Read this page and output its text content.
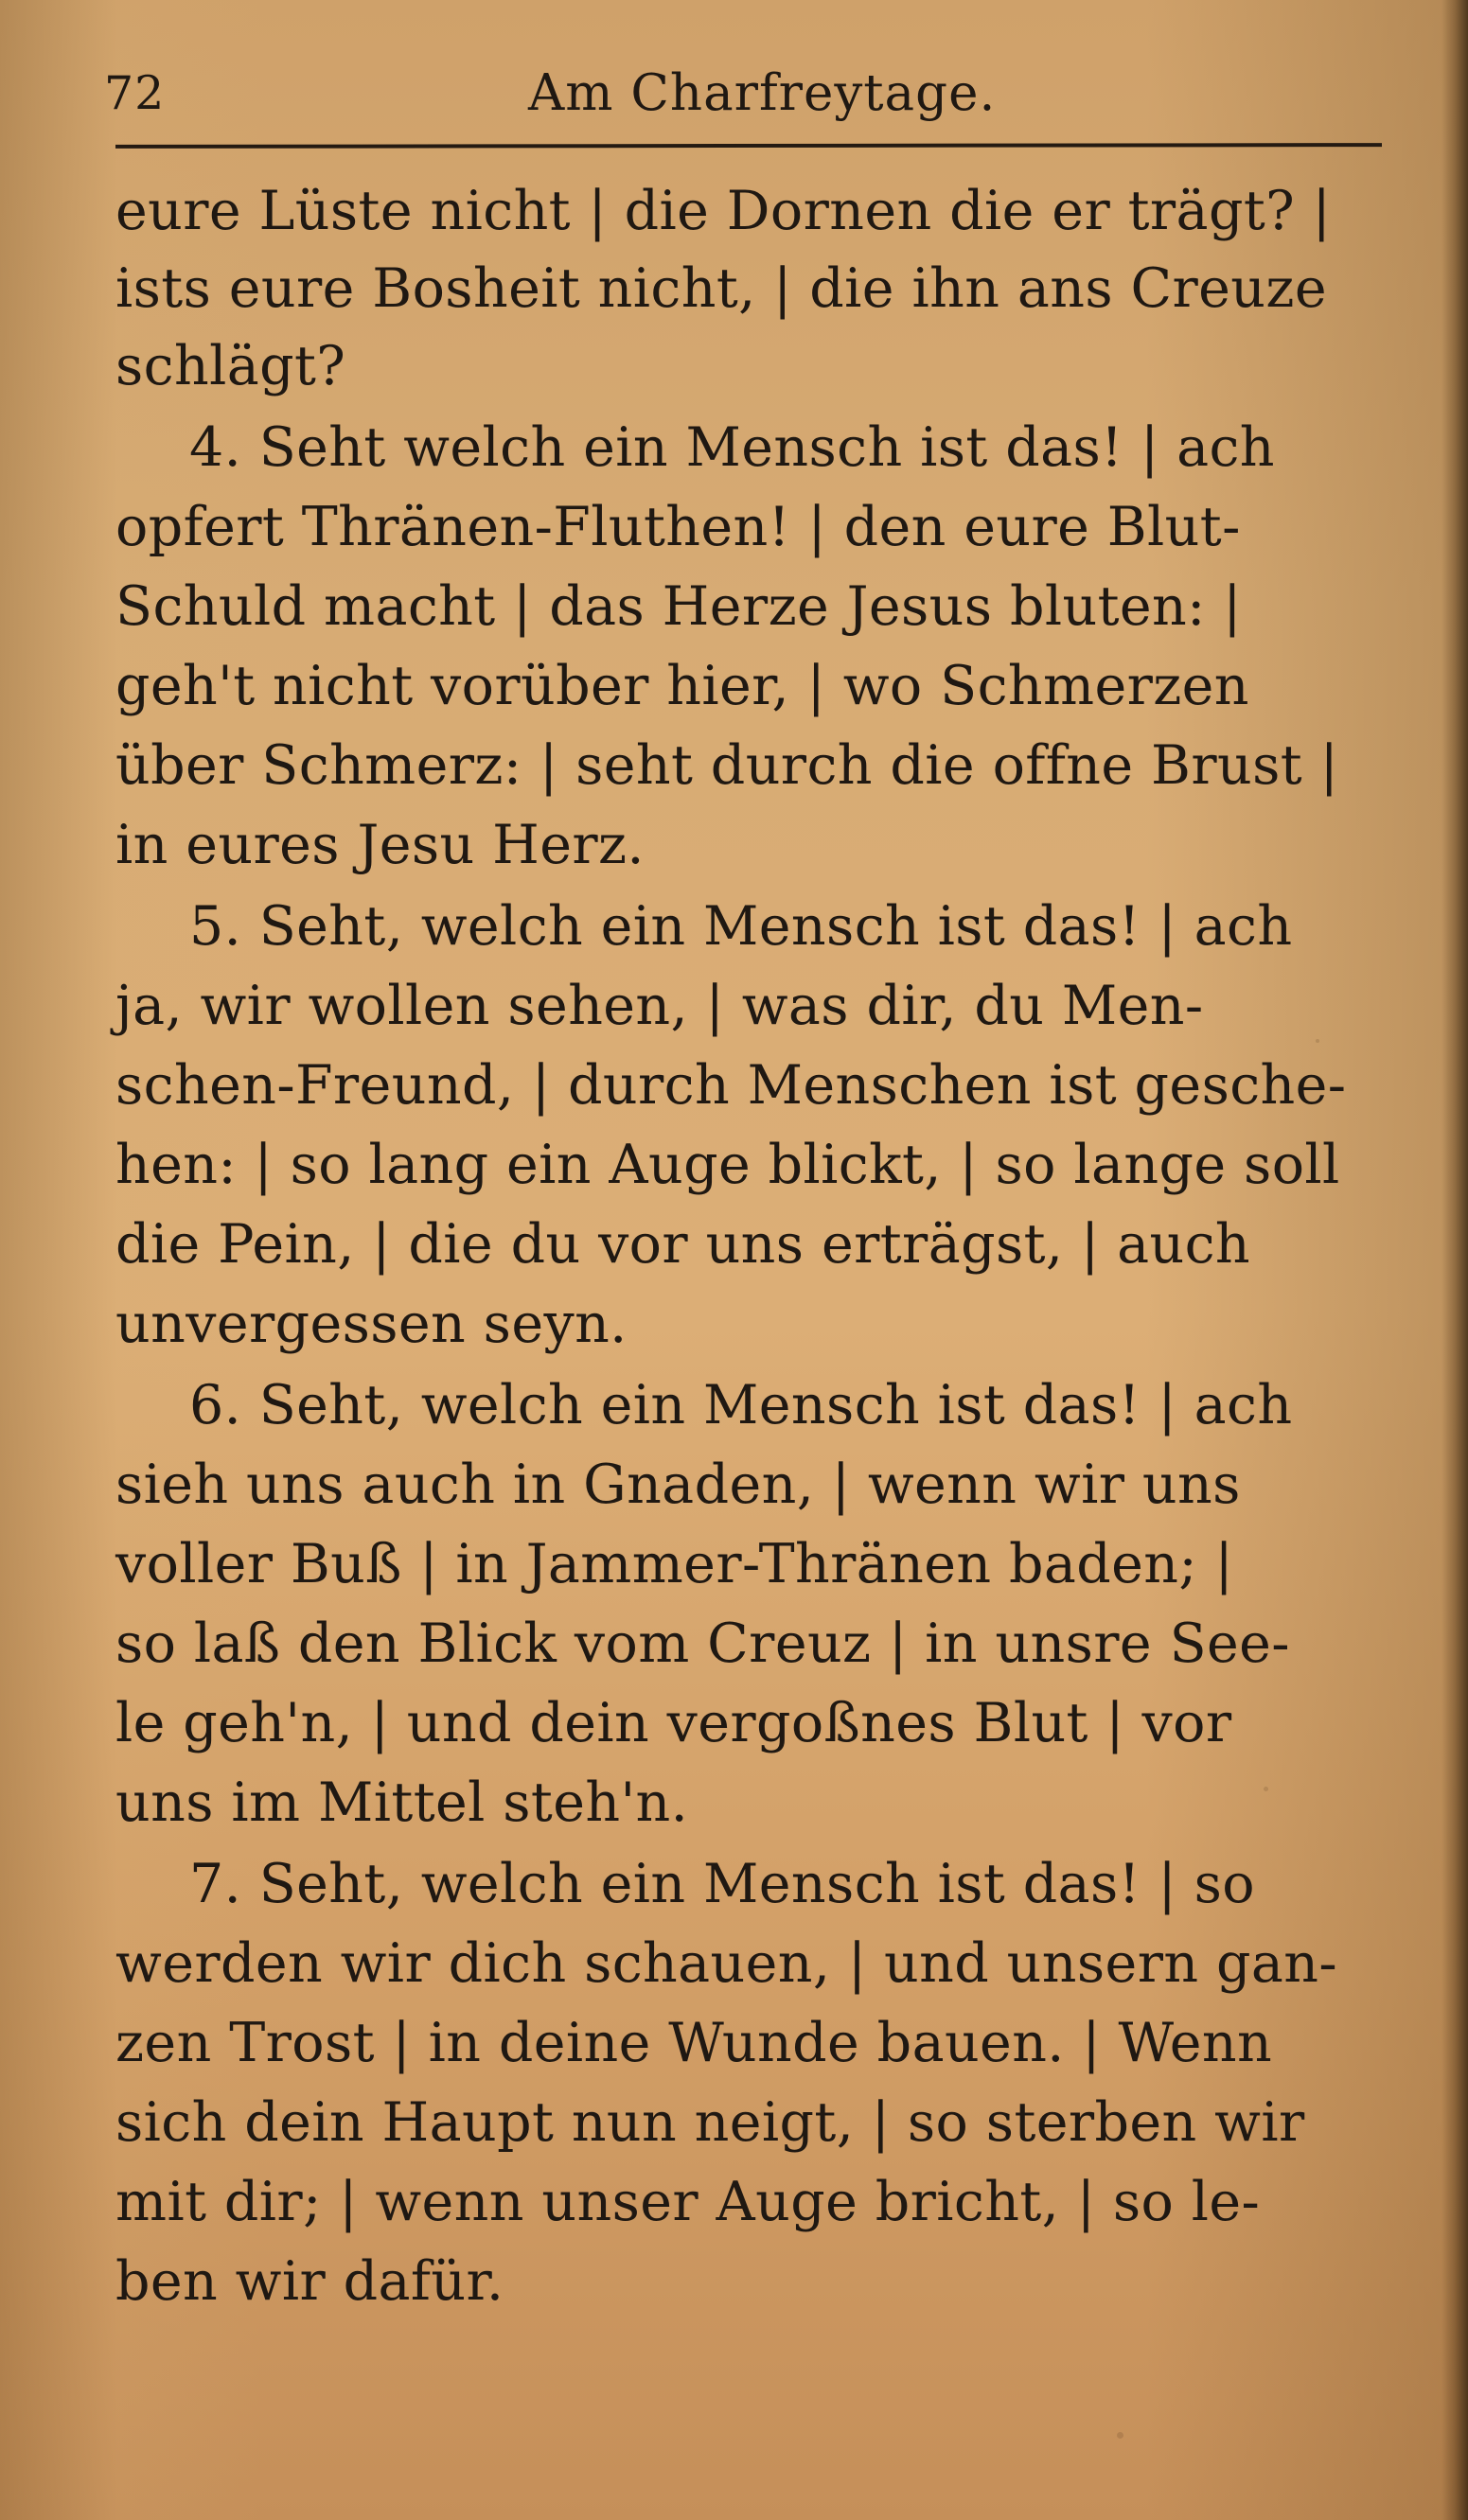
72	Am Charfreytage.
eure Lüste nicht | die Dornen die er trägt? |
ists eure Bosheit nicht, | die ihn ans Creuze
schlägt?
4. Seht welch ein Mensch ist das! | ach
opfert Thränen-Fluthen! | den eure Blut-
Schuld macht | das Herze Jesus bluten: |
geh't nicht vorüber hier, | wo Schmerzen
über Schmerz: | seht durch die offne Brust |
in eures Jesu Herz.
5. Seht, welch ein Mensch ist das! | ach
ja, wir wollen sehen, | was dir, du Men-
schen-Freund, | durch Menschen ist gesche-
hen: | so lang ein Auge blickt, | so lange soll
die Pein, | die du vor uns erträgst, | auch
unvergessen seyn.
6. Seht, welch ein Mensch ist das! | ach
sieh uns auch in Gnaden, | wenn wir uns
voller Buß | in Jammer-Thränen baden; |
so laß den Blick vom Creuz | in unsre See-
le geh'n, | und dein vergoßnes Blut | vor
uns im Mittel steh'n.
7. Seht, welch ein Mensch ist das! | so
werden wir dich schauen, | und unsern gan-
zen Trost | in deine Wunde bauen. | Wenn
sich dein Haupt nun neigt, | so sterben wir
mit dir; | wenn unser Auge bricht, | so le-
ben wir dafür.
